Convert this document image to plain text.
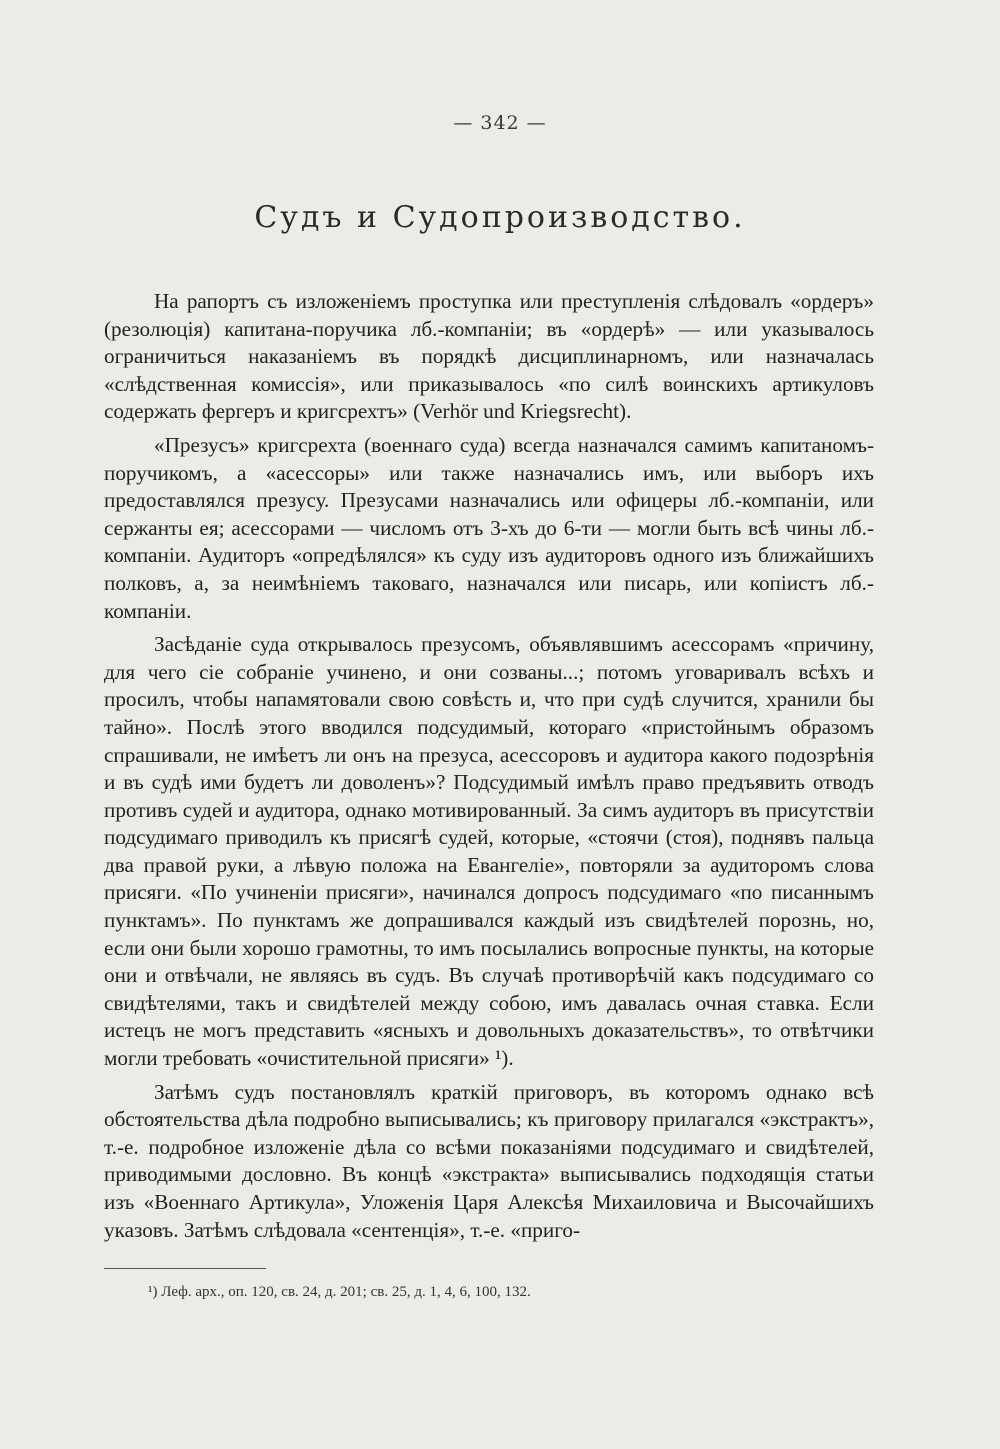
— 342 —
Судъ и Судопроизводство.

На рапортъ съ изложеніемъ проступка или преступленія слѣдовалъ «ордеръ» (резолюція) капитана-поручика лб.-компаніи; въ «ордерѣ» — или указывалось ограничиться наказаніемъ въ порядкѣ дисциплинарномъ, или назначалась «слѣдственная комиссія», или приказывалось «по силѣ воинскихъ артикуловъ содержать фергеръ и кригсрехтъ» (Verhör und Kriegsrecht).

«Презусъ» кригсрехта (военнаго суда) всегда назначался самимъ капитаномъ-поручикомъ, а «асессоры» или также назначались имъ, или выборъ ихъ предоставлялся презусу. Презусами назначались или офицеры лб.-компаніи, или сержанты ея; асессорами — числомъ отъ 3-хъ до 6-ти — могли быть всѣ чины лб.-компаніи. Аудиторъ «опредѣлялся» къ суду изъ аудиторовъ одного изъ ближайшихъ полковъ, а, за неимѣніемъ таковаго, назначался или писарь, или копіистъ лб.-компаніи.

Засѣданіе суда открывалось презусомъ, объявлявшимъ асессорамъ «причину, для чего сіе собраніе учинено, и они созваны...; потомъ уговаривалъ всѣхъ и просилъ, чтобы напамятовали свою совѣсть и, что при судѣ случится, хранили бы тайно». Послѣ этого вводился подсудимый, котораго «пристойнымъ образомъ спрашивали, не имѣетъ ли онъ на презуса, асессоровъ и аудитора какого подозрѣнія и въ судѣ ими будетъ ли доволенъ»? Подсудимый имѣлъ право предъявить отводъ противъ судей и аудитора, однако мотивированный. За симъ аудиторъ въ присутствіи подсудимаго приводилъ къ присягѣ судей, которые, «стоячи (стоя), поднявъ пальца два правой руки, а лѣвую положа на Евангеліе», повторяли за аудиторомъ слова присяги. «По учиненіи присяги», начинался допросъ подсудимаго «по писаннымъ пунктамъ». По пунктамъ же допрашивался каждый изъ свидѣтелей порознь, но, если они были хорошо грамотны, то имъ посылались вопросные пункты, на которые они и отвѣчали, не являясь въ судъ. Въ случаѣ противорѣчій какъ подсудимаго со свидѣтелями, такъ и свидѣтелей между собою, имъ давалась очная ставка. Если истецъ не могъ представить «ясныхъ и довольныхъ доказательствъ», то отвѣтчики могли требовать «очистительной присяги» ¹).

Затѣмъ судъ постановлялъ краткій приговоръ, въ которомъ однако всѣ обстоятельства дѣла подробно выписывались; къ приговору прилагался «экстрактъ», т.-е. подробное изложеніе дѣла со всѣми показаніями подсудимаго и свидѣтелей, приводимыми дословно. Въ концѣ «экстракта» выписывались подходящія статьи изъ «Военнаго Артикула», Уложенія Царя Алексѣя Михаиловича и Высочайшихъ указовъ. Затѣмъ слѣдовала «сентенція», т.-е. «приго-

¹) Леф. арх., оп. 120, св. 24, д. 201; св. 25, д. 1, 4, 6, 100, 132.
